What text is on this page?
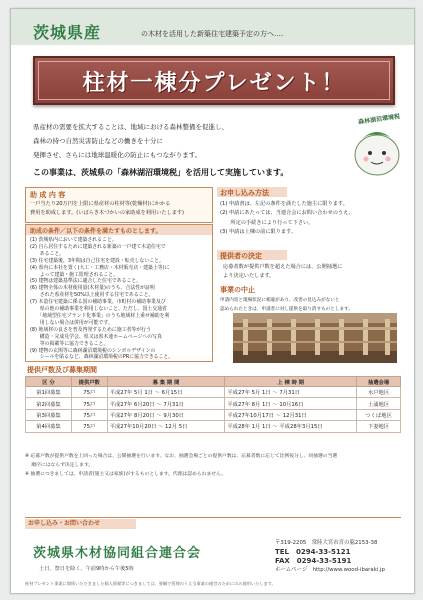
茨城県産	の木材を活用した新築住宅建築予定の方へ‥‥
柱材一棟分プレゼント！

県産材の需要を拡大することは、地域における森林整備を促進し、

森林の持つ自然災害防止などの働きを十分に

発揮させ、さらには地球温暖化の防止にもつながります。

この事業は、茨城県の「森林湖沼環境税」を活用して実施しています。
森林湖沼環境税
助 成 内 容

一戸当たり20万円を上限に県産材の柱材等(乾燥材)にかかる

費用を助成します。(いばらき木づかいの家助成を利用いたします)

助成の条件／以下の条件を満たすものとします。

(1) 茨城県内において建築されること。

(2) 自ら居住するために建築される新築の一戸建て木造住宅で

　　あること。

(3) 住宅建築後、3年間は自己住宅を建設・転売しないこと。

(4) 県内に本社を置く(大工・工務店・木材販売店・建築士等)に

　　よって建築・施工監理されること。

(5) 建物は建築基準法に適合した住宅であること。

(6) 建物全体の木材使用量(木材量)のうち、合法性が証明

　　された県産材を50%以上使用する住宅であること。

(7) 木造住宅建築に係る国の補助事業、市町村の補助事業及び

　　県の他の補助事業を利用しないこと。ただし、国土交通省

　　「地域型住宅ブランド化事業」のうち地域材上乗せ補助を利

　　用しない場合は併用が可能です。

(8) 地域材の良さを普及啓発するために施工者等が行う

　　構造・完成見学会、県又は県木連ホームページへの写真

　　等の掲載等に協力できること。

(9) 建物の玄関等に森林湖沼環境税のシンボルデザインの

　　シールを貼るなど、森林湖沼環境税のPRに協力できること。

お申し込み方法

(1) 申請書は、左記の条件を満たした施主に限ります。

(2) 申請にあたっては、当連合会にお問い合わせのうえ、

　　所定の手続きにより行って下さい。

(3) 申請は上棟の前に限ります。

提供者の決定

応募者数が提供戸数を超えた場合には、公開抽選に

より決定いたします。

事業の中止

申請内容と現場状況に相違があり、改善の見込みがないと

認められたときは、申請者に対し提供を取り消すものとします。

提供戸数及び募集期間
区 分	提供戸数	募 集 期 間	上 棟 時 期	抽選会場
第1回募集	75戸	平成27年 5月 1日 ～ 6月15日	平成27年 5月 1日 ～ 7月31日	水戸地区
第2回募集	75戸	平成27年 6月20日 ～ 7月31日	平成27年 8月 1日 ～ 10月16日	土浦地区
第3回募集	75戸	平成27年 8月20日 ～ 9月30日	平成27年10月17日 ～ 12月31日	つくば地区
第4回募集	75戸	平成27年10月20日 ～ 12月 5日	平成28年 1月 1日 ～ 平成28年3月15日	下妻地区

※ 応募戸数が提供戸数を上回った場合は、公開抽選を行います。なお、抽選会場ごとの提供戸数は、応募者数に応じて比例按分し、同抽選の当選

　 順序にはならず決定します。

※ 抽選につきましては、申請者(施主又は家族)がするものとします。代理は認められません。

お申し込み・お問い合わせ
茨城県木材協同組合連合会
土日、祭日を除く、午前9時から午後5時
〒319-2205　常陸大宮市宮の脇2153-38
TEL　0294-33-5121
FAX　0294-33-5191
ホームページ　http://www.wood-ibaraki.jp
柱材プレゼント事業に関係いただきました個人情報等につきましては、要綱で管理のうえ当事業の運営のためにのみ使用いたします。
